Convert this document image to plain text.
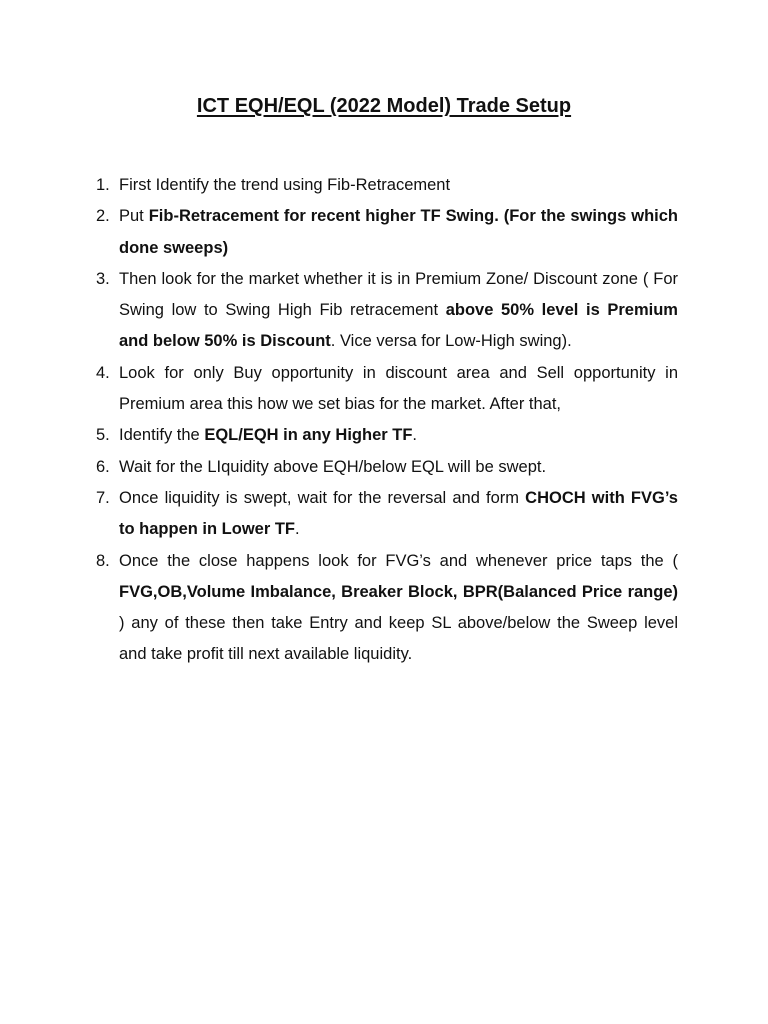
ICT EQH/EQL (2022 Model) Trade Setup
1. First Identify the trend using Fib-Retracement
2. Put Fib-Retracement for recent higher TF Swing. (For the swings which done sweeps)
3. Then look for the market whether it is in Premium Zone/ Discount zone ( For Swing low to Swing High Fib retracement above 50% level is Premium and below 50% is Discount. Vice versa for Low-High swing).
4. Look for only Buy opportunity in discount area and Sell opportunity in Premium area this how we set bias for the market. After that,
5. Identify the EQL/EQH in any Higher TF.
6. Wait for the LIquidity above EQH/below EQL will be swept.
7. Once liquidity is swept, wait for the reversal and form CHOCH with FVG’s to happen in Lower TF.
8. Once the close happens look for FVG’s and whenever price taps the ( FVG,OB,Volume Imbalance, Breaker Block, BPR(Balanced Price range) ) any of these then take Entry and keep SL above/below the Sweep level and take profit till next available liquidity.
